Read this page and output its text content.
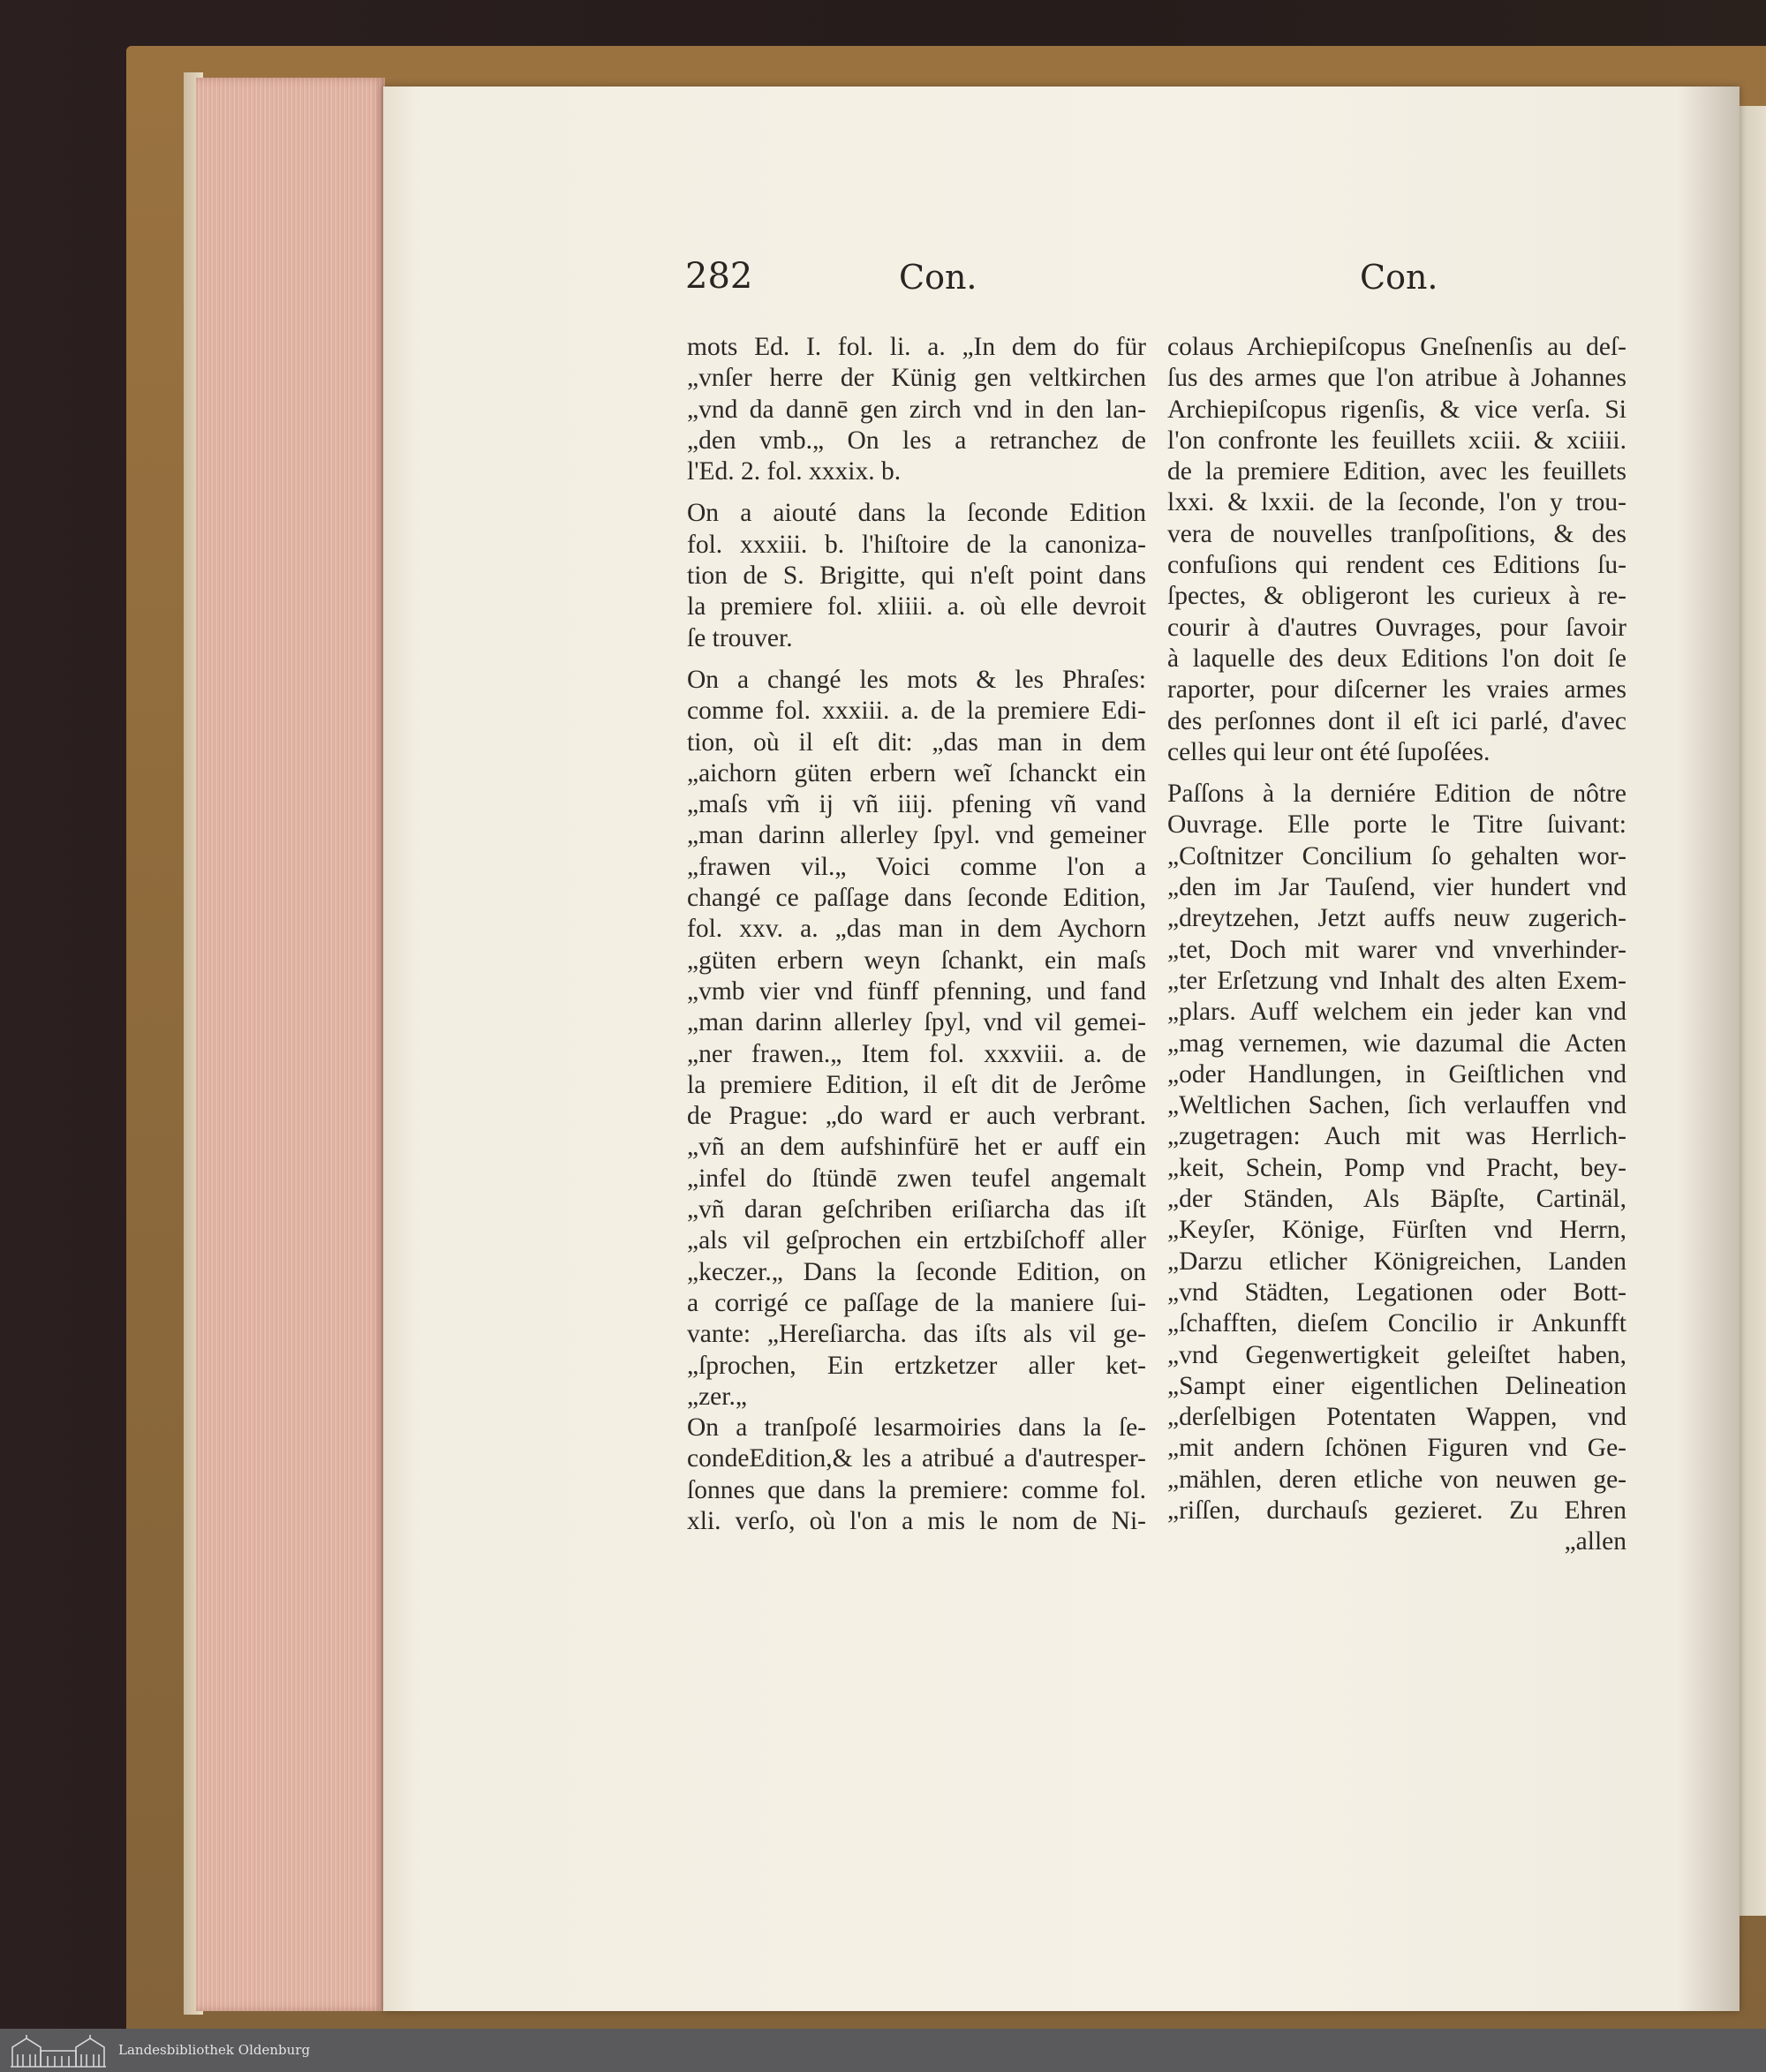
282	Con.	Con.
mots Ed. I. fol. li. a. „In dem do für
„vnſer herre der Künig gen veltkirchen
„vnd da dannē gen zirch vnd in den lan-
„den vmb.„ On les a retranchez de
l'Ed. 2. fol. xxxix. b.
On a aiouté dans la ſeconde Edition
fol. xxxiii. b. l'hiſtoire de la canoniza-
tion de S. Brigitte, qui n'eſt point dans
la premiere fol. xliiii. a. où elle devroit
ſe trouver.
On a changé les mots & les Phraſes:
comme fol. xxxiii. a. de la premiere Edi-
tion, où il eſt dit: „das man in dem
„aichorn güten erbern weĩ ſchanckt ein
„maſs vm̃ ij vñ iiij. pfening vñ vand
„man darinn allerley ſpyl. vnd gemeiner
„frawen vil.„ Voici comme l'on a
changé ce paſſage dans ſeconde Edition,
fol. xxv. a. „das man in dem Aychorn
„güten erbern weyn ſchankt, ein maſs
„vmb vier vnd fünff pfenning, und fand
„man darinn allerley ſpyl, vnd vil gemei-
„ner frawen.„ Item fol. xxxviii. a. de
la premiere Edition, il eſt dit de Jerôme
de Prague: „do ward er auch verbrant.
„vñ an dem aufshinfürē het er auff ein
„infel do ſtündē zwen teufel angemalt
„vñ daran geſchriben eriſiarcha das iſt
„als vil geſprochen ein ertzbiſchoff aller
„keczer.„ Dans la ſeconde Edition, on
a corrigé ce paſſage de la maniere ſui-
vante: „Hereſiarcha. das iſts als vil ge-
„ſprochen, Ein ertzketzer aller ket-
„zer.„
On a tranſpoſé lesarmoiries dans la ſe-
condeEdition,& les a atribué a d'autresper-
ſonnes que dans la premiere: comme fol.
xli. verſo, où l'on a mis le nom de Ni-
colaus Archiepiſcopus Gneſnenſis au deſ-
ſus des armes que l'on atribue à Johannes
Archiepiſcopus rigenſis, & vice verſa. Si
l'on confronte les feuillets xciii. & xciiii.
de la premiere Edition, avec les feuillets
lxxi. & lxxii. de la ſeconde, l'on y trou-
vera de nouvelles tranſpoſitions, & des
confuſions qui rendent ces Editions ſu-
ſpectes, & obligeront les curieux à re-
courir à d'autres Ouvrages, pour ſavoir
à laquelle des deux Editions l'on doit ſe
raporter, pour diſcerner les vraies armes
des perſonnes dont il eſt ici parlé, d'avec
celles qui leur ont été ſupoſées.
Paſſons à la derniére Edition de nôtre
Ouvrage. Elle porte le Titre ſuivant:
„Coſtnitzer Concilium ſo gehalten wor-
„den im Jar Tauſend, vier hundert vnd
„dreytzehen, Jetzt auffs neuw zugerich-
„tet, Doch mit warer vnd vnverhinder-
„ter Erſetzung vnd Inhalt des alten Exem-
„plars. Auff welchem ein jeder kan vnd
„mag vernemen, wie dazumal die Acten
„oder Handlungen, in Geiſtlichen vnd
„Weltlichen Sachen, ſich verlauffen vnd
„zugetragen: Auch mit was Herrlich-
„keit, Schein, Pomp vnd Pracht, bey-
„der Ständen, Als Bäpſte, Cartinäl,
„Keyſer, Könige, Fürſten vnd Herrn,
„Darzu etlicher Königreichen, Landen
„vnd Städten, Legationen oder Bott-
„ſchafften, dieſem Concilio ir Ankunfft
„vnd Gegenwertigkeit geleiſtet haben,
„Sampt einer eigentlichen Delineation
„derſelbigen Potentaten Wappen, vnd
„mit andern ſchönen Figuren vnd Ge-
„mählen, deren etliche von neuwen ge-
„riſſen, durchauſs gezieret. Zu Ehren
„allen
Landesbibliothek Oldenburg
